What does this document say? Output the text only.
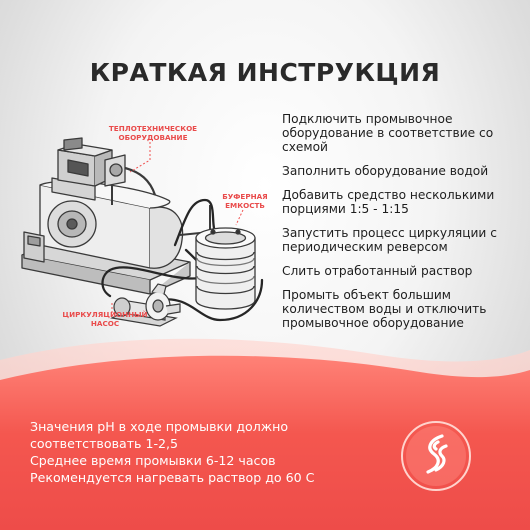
КРАТКАЯ ИНСТРУКЦИЯ
ТЕПЛОТЕХНИЧЕСКОЕ
ОБОРУДОВАНИЕ
БУФЕРНАЯ
ЕМКОСТЬ
ЦИРКУЛЯЦИОННЫЙ
НАСОС
Подключить промывочное оборудование в соответствие со схемой
Заполнить оборудование водой
Добавить средство несколькими порциями 1:5 - 1:15
Запустить процесс циркуляции с периодическим реверсом
Слить отработанный раствор
Промыть объект большим количеством воды и отключить промывочное оборудование
Значения pH в ходе промывки должно
соответствовать 1-2,5
Среднее время промывки 6-12 часов
Рекомендуется нагревать раствор до 60 С
